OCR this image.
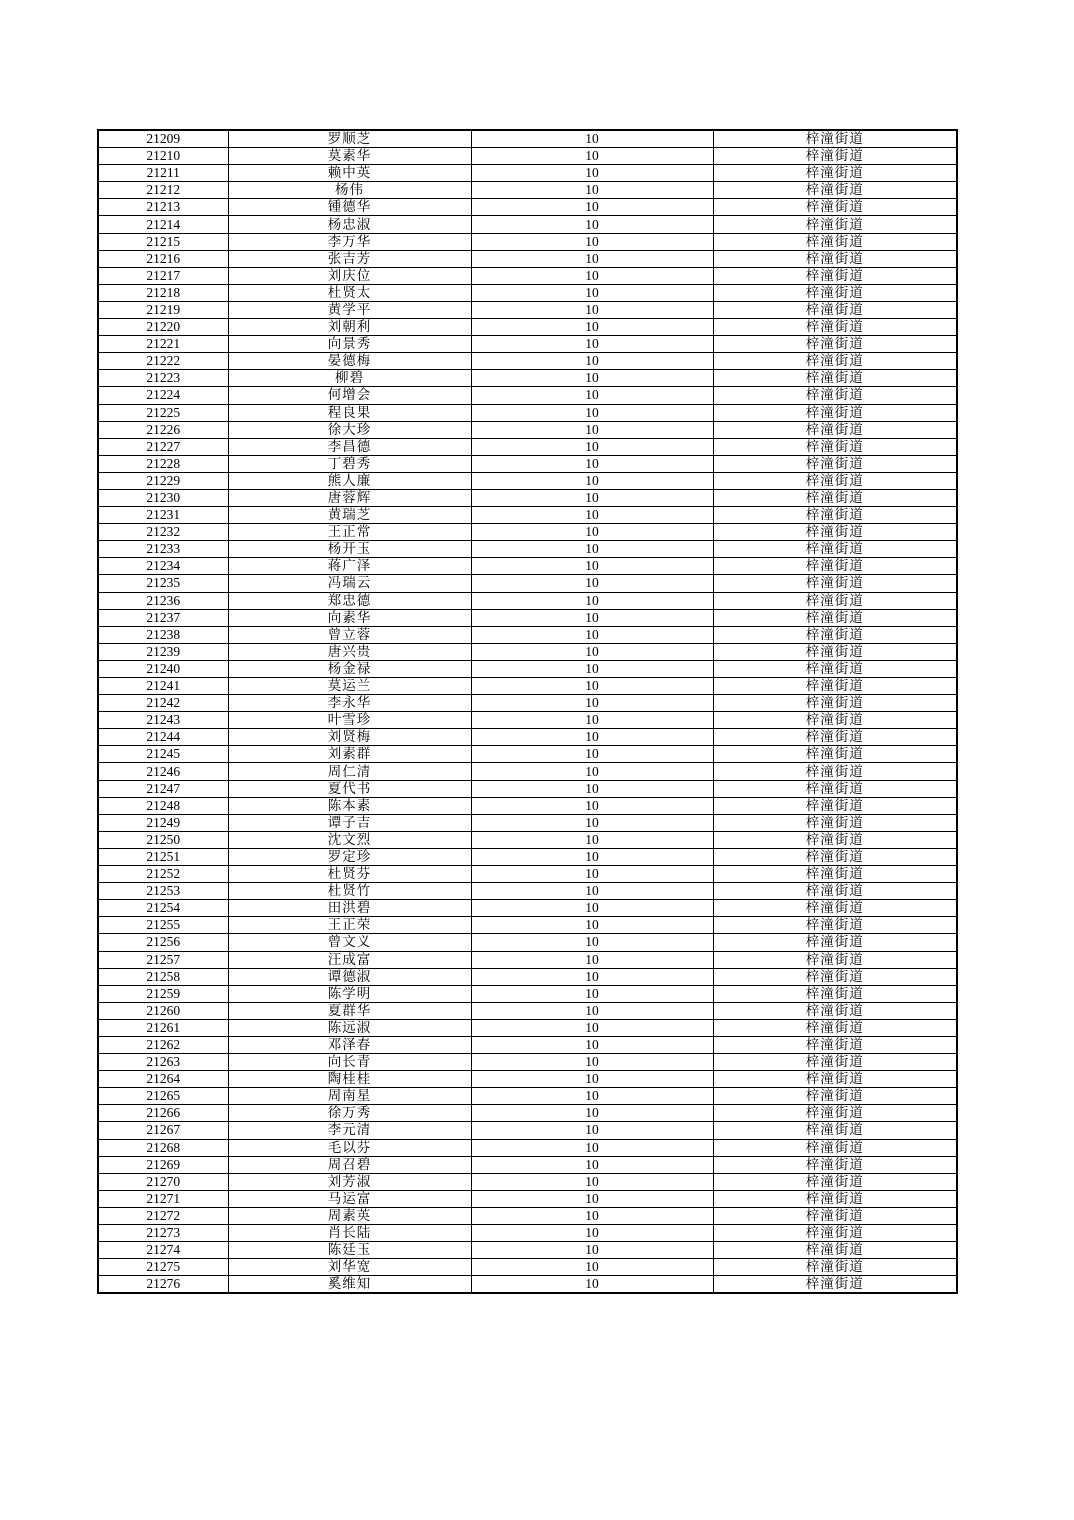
21209	罗顺芝	10	梓潼街道
21210	莫素华	10	梓潼街道
21211	赖中英	10	梓潼街道
21212	杨伟	10	梓潼街道
21213	锺德华	10	梓潼街道
21214	杨忠淑	10	梓潼街道
21215	李万华	10	梓潼街道
21216	张吉芳	10	梓潼街道
21217	刘庆位	10	梓潼街道
21218	杜贤太	10	梓潼街道
21219	黄学平	10	梓潼街道
21220	刘朝利	10	梓潼街道
21221	向景秀	10	梓潼街道
21222	晏德梅	10	梓潼街道
21223	柳碧	10	梓潼街道
21224	何增会	10	梓潼街道
21225	程良果	10	梓潼街道
21226	徐大珍	10	梓潼街道
21227	李昌德	10	梓潼街道
21228	丁碧秀	10	梓潼街道
21229	熊人廉	10	梓潼街道
21230	唐蓉辉	10	梓潼街道
21231	黄瑞芝	10	梓潼街道
21232	王正常	10	梓潼街道
21233	杨开玉	10	梓潼街道
21234	蒋广泽	10	梓潼街道
21235	冯瑞云	10	梓潼街道
21236	郑忠德	10	梓潼街道
21237	向素华	10	梓潼街道
21238	曾立蓉	10	梓潼街道
21239	唐兴贵	10	梓潼街道
21240	杨金禄	10	梓潼街道
21241	莫运兰	10	梓潼街道
21242	李永华	10	梓潼街道
21243	叶雪珍	10	梓潼街道
21244	刘贤梅	10	梓潼街道
21245	刘素群	10	梓潼街道
21246	周仁清	10	梓潼街道
21247	夏代书	10	梓潼街道
21248	陈本素	10	梓潼街道
21249	谭子吉	10	梓潼街道
21250	沈文烈	10	梓潼街道
21251	罗定珍	10	梓潼街道
21252	杜贤芬	10	梓潼街道
21253	杜贤竹	10	梓潼街道
21254	田洪碧	10	梓潼街道
21255	王正荣	10	梓潼街道
21256	曾文义	10	梓潼街道
21257	汪成富	10	梓潼街道
21258	谭德淑	10	梓潼街道
21259	陈学明	10	梓潼街道
21260	夏群华	10	梓潼街道
21261	陈远淑	10	梓潼街道
21262	邓泽春	10	梓潼街道
21263	向长青	10	梓潼街道
21264	陶桂桂	10	梓潼街道
21265	周南星	10	梓潼街道
21266	徐万秀	10	梓潼街道
21267	李元清	10	梓潼街道
21268	毛以芬	10	梓潼街道
21269	周召碧	10	梓潼街道
21270	刘芳淑	10	梓潼街道
21271	马运富	10	梓潼街道
21272	周素英	10	梓潼街道
21273	肖长陆	10	梓潼街道
21274	陈廷玉	10	梓潼街道
21275	刘华宽	10	梓潼街道
21276	奚维知	10	梓潼街道
